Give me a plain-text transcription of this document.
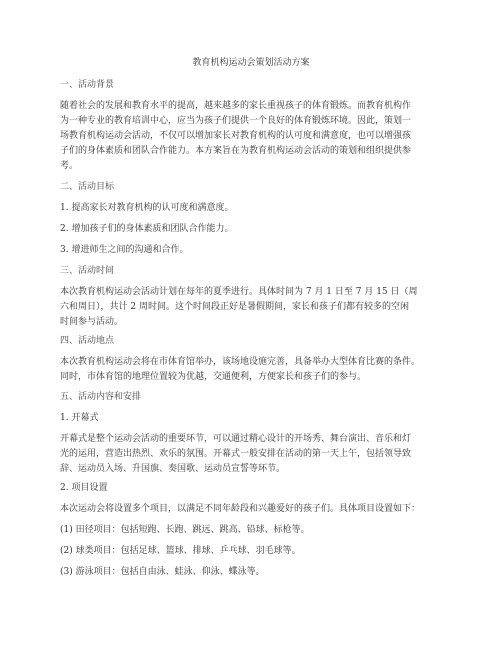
教育机构运动会策划活动方案
一、活动背景
随着社会的发展和教育水平的提高，越来越多的家长重视孩子的体育锻炼。而教育机构作
为一种专业的教育培训中心，应当为孩子们提供一个良好的体育锻炼环境。因此，策划一
场教育机构运动会活动，不仅可以增加家长对教育机构的认可度和满意度，也可以增强孩
子们的身体素质和团队合作能力。本方案旨在为教育机构运动会活动的策划和组织提供参
考。
二、活动目标
1. 提高家长对教育机构的认可度和满意度。
2. 增加孩子们的身体素质和团队合作能力。
3. 增进师生之间的沟通和合作。
三、活动时间
本次教育机构运动会活动计划在每年的夏季进行。具体时间为 7 月 1 日至 7 月 15 日（周
六和周日），共计 2 周时间。这个时间段正好是暑假期间，家长和孩子们都有较多的空闲
时间参与活动。
四、活动地点
本次教育机构运动会将在市体育馆举办，该场地设施完善，具备举办大型体育比赛的条件。
同时，市体育馆的地理位置较为优越，交通便利，方便家长和孩子们的参与。
五、活动内容和安排
1. 开幕式
开幕式是整个运动会活动的重要环节，可以通过精心设计的开场秀、舞台演出、音乐和灯
光的运用，营造出热烈、欢乐的氛围。开幕式一般安排在活动的第一天上午，包括领导致
辞、运动员入场、升国旗、奏国歌、运动员宣誓等环节。
2. 项目设置
本次运动会将设置多个项目，以满足不同年龄段和兴趣爱好的孩子们。具体项目设置如下：
(1) 田径项目：包括短跑、长跑、跳远、跳高、铅球、标枪等。
(2) 球类项目：包括足球、篮球、排球、乒乓球、羽毛球等。
(3) 游泳项目：包括自由泳、蛙泳、仰泳、蝶泳等。
